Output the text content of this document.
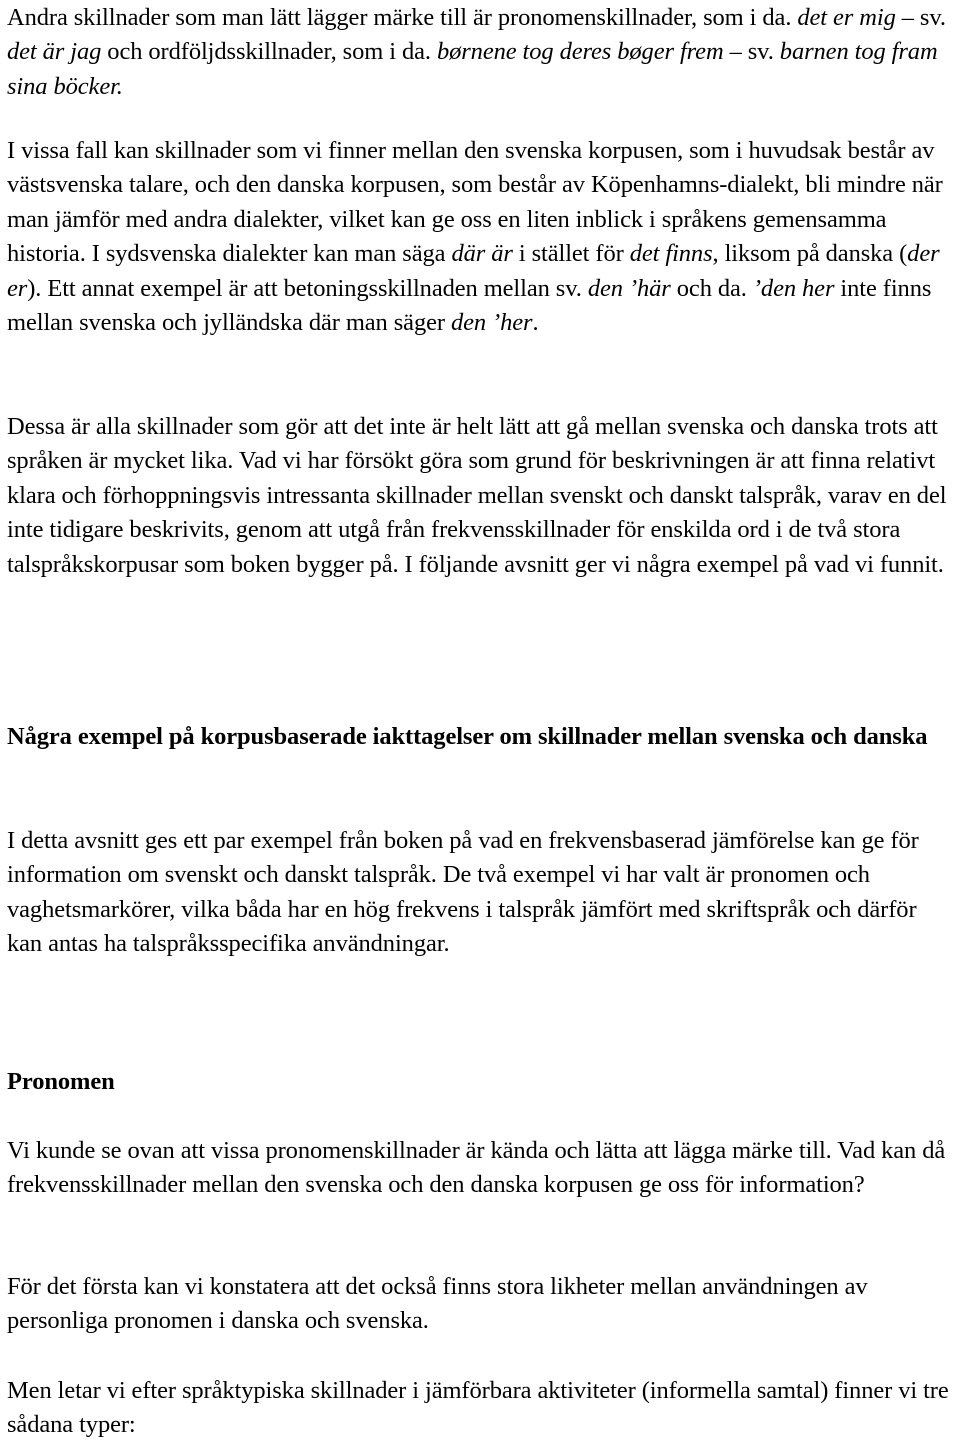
Andra skillnader som man lätt lägger märke till är pronomenskillnader, som i da. det er mig – sv. det är jag och ordföljdsskillnader, som i da. børnene tog deres bøger frem – sv. barnen tog fram sina böcker.

I vissa fall kan skillnader som vi finner mellan den svenska korpusen, som i huvudsak består av västsvenska talare, och den danska korpusen, som består av Köpenhamns-dialekt, bli mindre när man jämför med andra dialekter, vilket kan ge oss en liten inblick i språkens gemensamma historia. I sydsvenska dialekter kan man säga där är i stället för det finns, liksom på danska (der er). Ett annat exempel är att betoningsskillnaden mellan sv. den ’här och da. ’den her inte finns mellan svenska och jylländska där man säger den ’her.

Dessa är alla skillnader som gör att det inte är helt lätt att gå mellan svenska och danska trots att språken är mycket lika. Vad vi har försökt göra som grund för beskrivningen är att finna relativt klara och förhoppningsvis intressanta skillnader mellan svenskt och danskt talspråk, varav en del inte tidigare beskrivits, genom att utgå från frekvensskillnader för enskilda ord i de två stora talspråkskorpusar som boken bygger på. I följande avsnitt ger vi några exempel på vad vi funnit.

Några exempel på korpusbaserade iakttagelser om skillnader mellan svenska och danska

I detta avsnitt ges ett par exempel från boken på vad en frekvensbaserad jämförelse kan ge för information om svenskt och danskt talspråk. De två exempel vi har valt är pronomen och vaghetsmarkörer, vilka båda har en hög frekvens i talspråk jämfört med skriftspråk och därför kan antas ha talspråksspecifika användningar.

Pronomen

Vi kunde se ovan att vissa pronomenskillnader är kända och lätta att lägga märke till. Vad kan då frekvensskillnader mellan den svenska och den danska korpusen ge oss för information?

För det första kan vi konstatera att det också finns stora likheter mellan användningen av personliga pronomen i danska och svenska.

Men letar vi efter språktypiska skillnader i jämförbara aktiviteter (informella samtal) finner vi tre sådana typer:
